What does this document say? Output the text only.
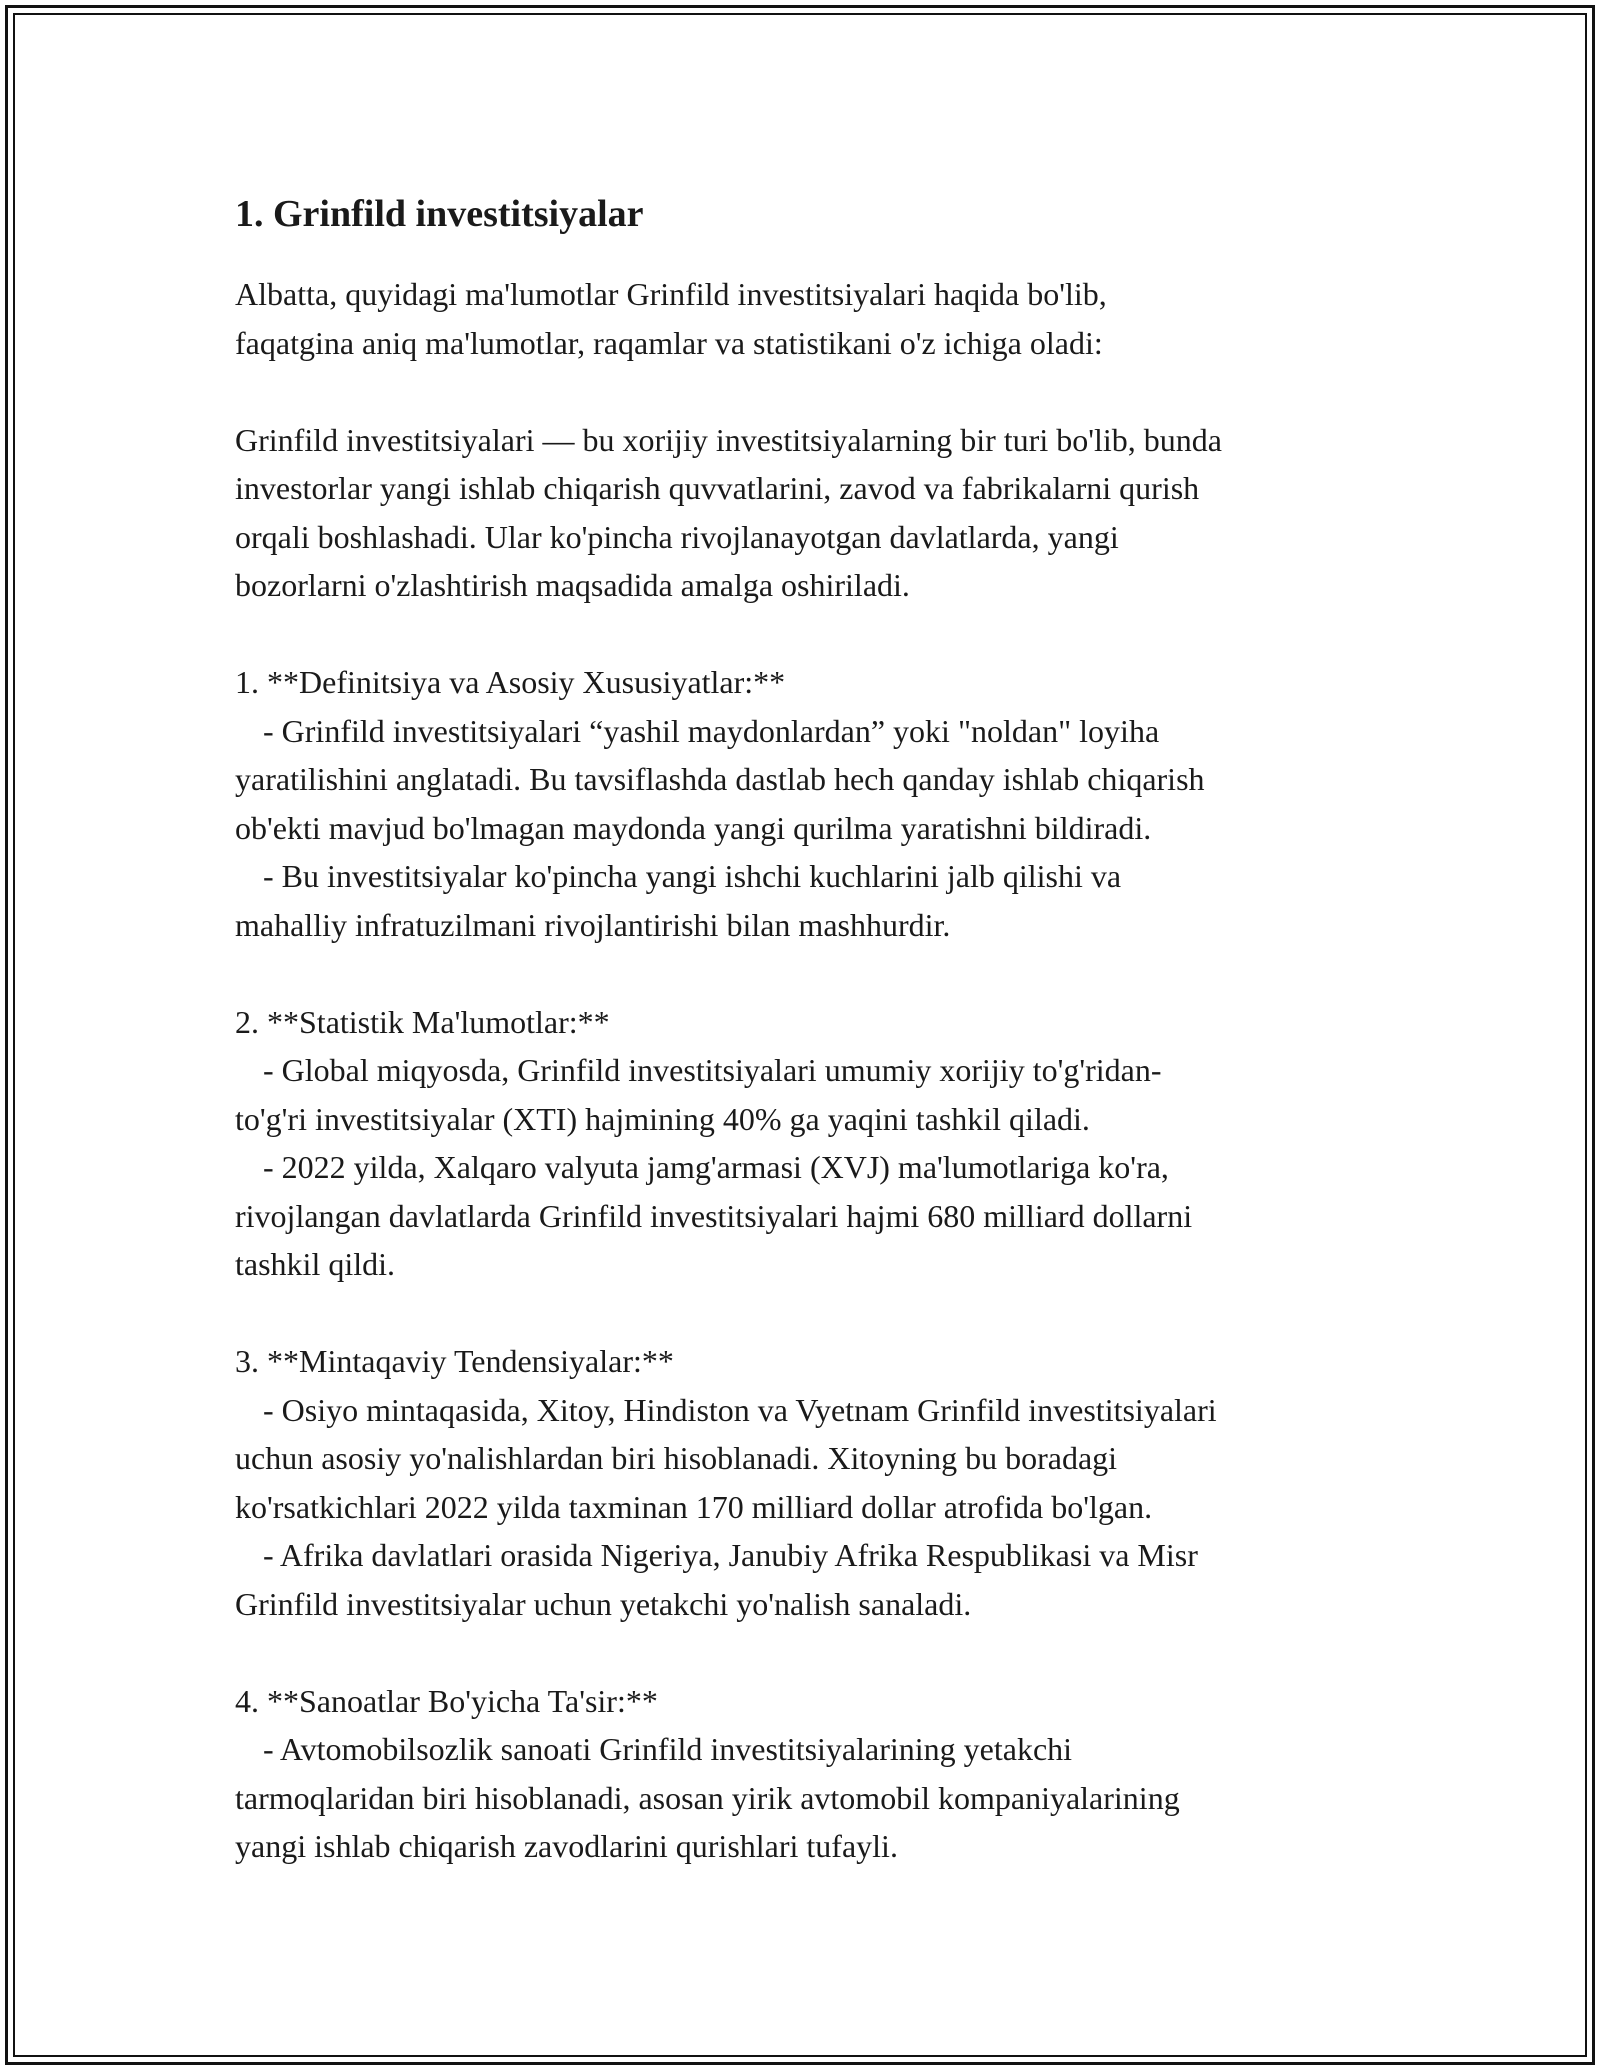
1. Grinfild investitsiyalar

Albatta, quyidagi ma'lumotlar Grinfild investitsiyalari haqida bo'lib,
faqatgina aniq ma'lumotlar, raqamlar va statistikani o'z ichiga oladi:

Grinfild investitsiyalari — bu xorijiy investitsiyalarning bir turi bo'lib, bunda
investorlar yangi ishlab chiqarish quvvatlarini, zavod va fabrikalarni qurish
orqali boshlashadi. Ular ko'pincha rivojlanayotgan davlatlarda, yangi
bozorlarni o'zlashtirish maqsadida amalga oshiriladi.

1. **Definitsiya va Asosiy Xususiyatlar:**

- Grinfild investitsiyalari “yashil maydonlardan” yoki "noldan" loyiha
yaratilishini anglatadi. Bu tavsiflashda dastlab hech qanday ishlab chiqarish
ob'ekti mavjud bo'lmagan maydonda yangi qurilma yaratishni bildiradi.

- Bu investitsiyalar ko'pincha yangi ishchi kuchlarini jalb qilishi va
mahalliy infratuzilmani rivojlantirishi bilan mashhurdir.

2. **Statistik Ma'lumotlar:**

- Global miqyosda, Grinfild investitsiyalari umumiy xorijiy to'g'ridan-
to'g'ri investitsiyalar (XTI) hajmining 40% ga yaqini tashkil qiladi.

- 2022 yilda, Xalqaro valyuta jamg'armasi (XVJ) ma'lumotlariga ko'ra,
rivojlangan davlatlarda Grinfild investitsiyalari hajmi 680 milliard dollarni
tashkil qildi.

3. **Mintaqaviy Tendensiyalar:**

- Osiyo mintaqasida, Xitoy, Hindiston va Vyetnam Grinfild investitsiyalari
uchun asosiy yo'nalishlardan biri hisoblanadi. Xitoyning bu boradagi
ko'rsatkichlari 2022 yilda taxminan 170 milliard dollar atrofida bo'lgan.

- Afrika davlatlari orasida Nigeriya, Janubiy Afrika Respublikasi va Misr
Grinfild investitsiyalar uchun yetakchi yo'nalish sanaladi.

4. **Sanoatlar Bo'yicha Ta'sir:**

- Avtomobilsozlik sanoati Grinfild investitsiyalarining yetakchi
tarmoqlaridan biri hisoblanadi, asosan yirik avtomobil kompaniyalarining
yangi ishlab chiqarish zavodlarini qurishlari tufayli.
